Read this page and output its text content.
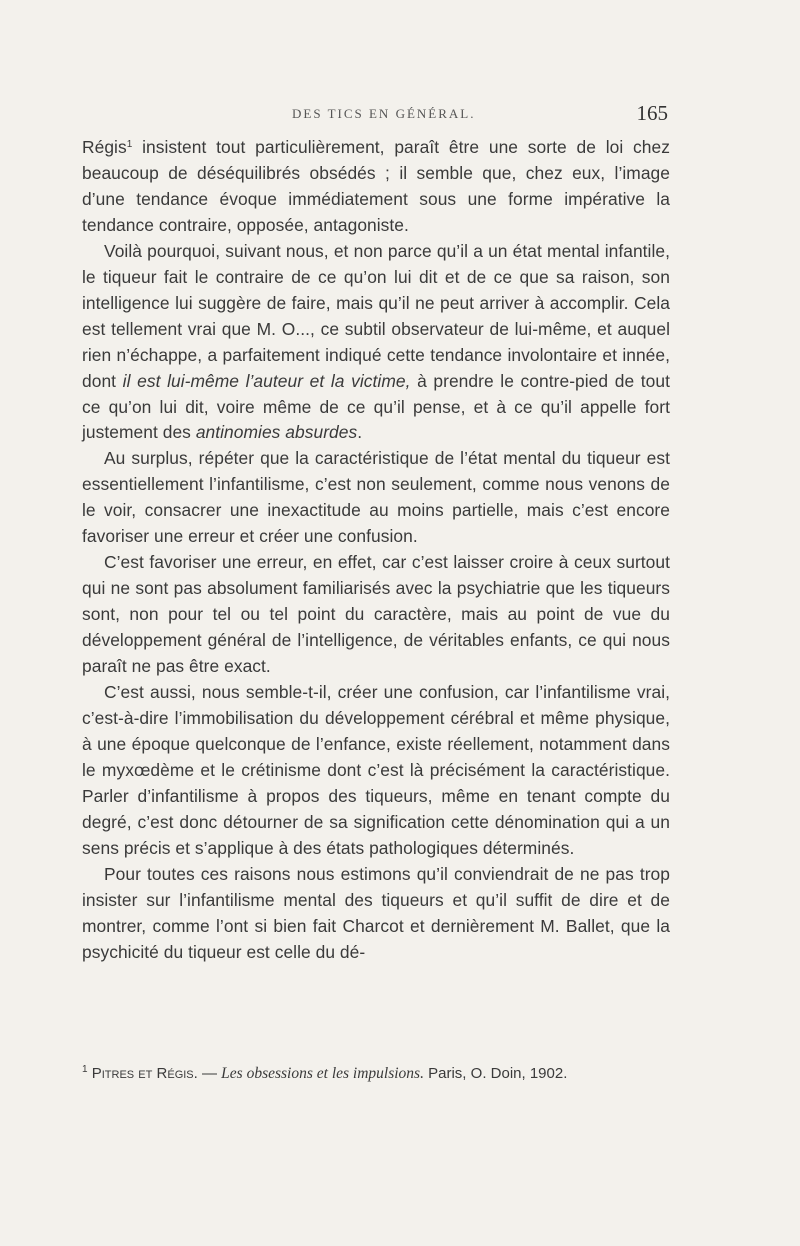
DES TICS EN GÉNÉRAL.	165

Régis$^1$ insistent tout particulièrement, paraît être une sorte de loi chez beaucoup de déséquilibrés obsédés ; il semble que, chez eux, l’image d’une tendance évoque immédiatement sous une forme impérative la tendance contraire, opposée, antagoniste.

Voilà pourquoi, suivant nous, et non parce qu’il a un état mental infantile, le tiqueur fait le contraire de ce qu’on lui dit et de ce que sa raison, son intelligence lui suggère de faire, mais qu’il ne peut arriver à accomplir. Cela est tellement vrai que M. O..., ce subtil observateur de lui-même, et auquel rien n’échappe, a parfaitement indiqué cette tendance involontaire et innée, dont il est lui-même l’auteur et la victime, à prendre le contre-pied de tout ce qu’on lui dit, voire même de ce qu’il pense, et à ce qu’il appelle fort justement des antinomies absurdes.

Au surplus, répéter que la caractéristique de l’état mental du tiqueur est essentiellement l’infantilisme, c’est non seulement, comme nous venons de le voir, consacrer une inexactitude au moins partielle, mais c’est encore favoriser une erreur et créer une confusion.

C’est favoriser une erreur, en effet, car c’est laisser croire à ceux surtout qui ne sont pas absolument familiarisés avec la psychiatrie que les tiqueurs sont, non pour tel ou tel point du caractère, mais au point de vue du développement général de l’intelligence, de véritables enfants, ce qui nous paraît ne pas être exact.

C’est aussi, nous semble-t-il, créer une confusion, car l’infantilisme vrai, c’est-à-dire l’immobilisation du développement cérébral et même physique, à une époque quelconque de l’enfance, existe réellement, notamment dans le myxœdème et le crétinisme dont c’est là précisément la caractéristique. Parler d’infantilisme à propos des tiqueurs, même en tenant compte du degré, c’est donc détourner de sa signification cette dénomination qui a un sens précis et s’applique à des états pathologiques déterminés.

Pour toutes ces raisons nous estimons qu’il conviendrait de ne pas trop insister sur l’infantilisme mental des tiqueurs et qu’il suffit de dire et de montrer, comme l’ont si bien fait Charcot et dernièrement M. Ballet, que la psychicité du tiqueur est celle du dé-

$^1$ Pitres et Régis. — Les obsessions et les impulsions. Paris, O. Doin, 1902.
